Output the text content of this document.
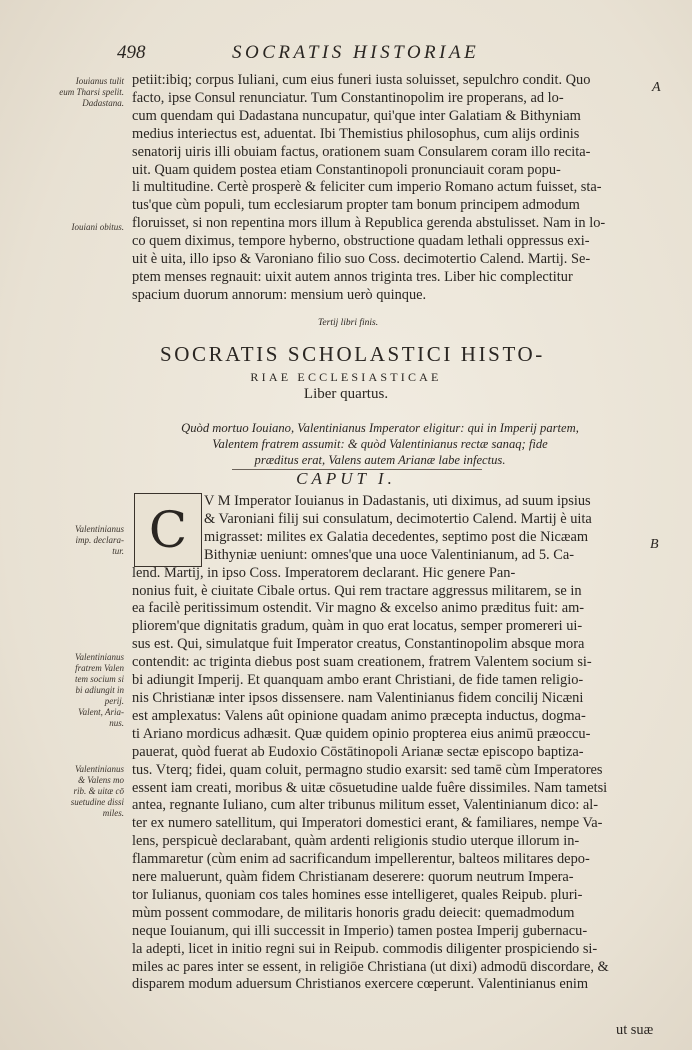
498	SOCRATIS HISTORIAE
A
B
Iouianus tulit
eum Tharsi spelit.
Dadastana.
Iouiani obitus.
Valentinianus
imp. declara-
tur.
Valentinianus
fratrem Valen
tem socium si
bi adiungit in
perij.
Valent, Aria-
nus.
Valentinianus
& Valens mo
rib. & uitæ cō
suetudine dissi
miles.

petiit:ibiq; corpus Iuliani, cum eius funeri iusta soluisset, sepulchro condit. Quo
facto, ipse Consul renunciatur. Tum Constantinopolim ire properans, ad lo-
cum quendam qui Dadastana nuncupatur, qui'que inter Galatiam & Bithyniam
medius interiectus est, aduentat. Ibi Themistius philosophus, cum alijs ordinis
senatorij uiris illi obuiam factus, orationem suam Consularem coram illo recita-
uit. Quam quidem postea etiam Constantinopoli pronunciauit coram popu-
li multitudine. Certè prosperè & feliciter cum imperio Romano actum fuisset, sta-
tus'que cùm populi, tum ecclesiarum propter tam bonum principem admodum
floruisset, si non repentina mors illum à Republica gerenda abstulisset. Nam in lo-
co quem diximus, tempore hyberno, obstructione quadam lethali oppressus exi-
uit è uita, illo ipso & Varoniano filio suo Coss. decimotertio Calend. Martij. Se-
ptem menses regnauit: uixit autem annos triginta tres. Liber hic complectitur
spacium duorum annorum: mensium uerò quinque.

Tertij libri finis.
SOCRATIS SCHOLASTICI HISTO-
RIAE ECCLESIASTICAE
Liber quartus.
Quòd mortuo Iouiano, Valentinianus Imperator eligitur: qui in Imperij partem,
Valentem fratrem assumit: & quòd Valentinianus rectæ sanaq; fide
præditus erat, Valens autem Arianæ labe infectus.
CAPUT I.
C	V M Imperator Iouianus in Dadastanis, uti diximus, ad suum ipsius
& Varoniani filij sui consulatum, decimotertio Calend. Martij è uita
migrasset: milites ex Galatia decedentes, septimo post die Nicæam
Bithyniæ ueniunt: omnes'que una uoce Valentinianum, ad 5. Ca-
lend. Martij, in ipso Coss. Imperatorem declarant. Hic genere Pan-
nonius fuit, è ciuitate Cibale ortus. Qui rem tractare aggressus militarem, se in
ea facilè peritissimum ostendit. Vir magno & excelso animo præditus fuit: am-
pliorem'que dignitatis gradum, quàm in quo erat locatus, semper promereri ui-
sus est. Qui, simulatque fuit Imperator creatus, Constantinopolim absque mora
contendit: ac triginta diebus post suam creationem, fratrem Valentem socium si-
bi adiungit Imperij. Et quanquam ambo erant Christiani, de fide tamen religio-
nis Christianæ inter ipsos dissensere. nam Valentinianus fidem concilij Nicæni
est amplexatus: Valens aût opinione quadam animo præcepta inductus, dogma-
ti Ariano mordicus adhæsit. Quæ quidem opinio propterea eius animū præoccu-
pauerat, quòd fuerat ab Eudoxio Cōstātinopoli Arianæ sectæ episcopo baptiza-
tus. Vterq; fidei, quam coluit, permagno studio exarsit: sed tamē cùm Imperatores
essent iam creati, moribus & uitæ cōsuetudine ualde fuêre dissimiles. Nam tametsi
antea, regnante Iuliano, cum alter tribunus militum esset, Valentinianum dico: al-
ter ex numero satellitum, qui Imperatori domestici erant, & familiares, nempe Va-
lens, perspicuè declarabant, quàm ardenti religionis studio uterque illorum in-
flammaretur (cùm enim ad sacrificandum impellerentur, balteos militares depo-
nere maluerunt, quàm fidem Christianam deserere: quorum neutrum Impera-
tor Iulianus, quoniam cos tales homines esse intelligeret, quales Reipub. pluri-
mùm possent commodare, de militaris honoris gradu deiecit: quemadmodum
neque Iouianum, qui illi successit in Imperio) tamen postea Imperij gubernacu-
la adepti, licet in initio regni sui in Reipub. commodis diligenter prospiciendo si-
miles ac pares inter se essent, in religiōe Christiana (ut dixi) admodū discordare, &
disparem modum aduersum Christianos exercere cœperunt. Valentinianus enim

ut suæ
